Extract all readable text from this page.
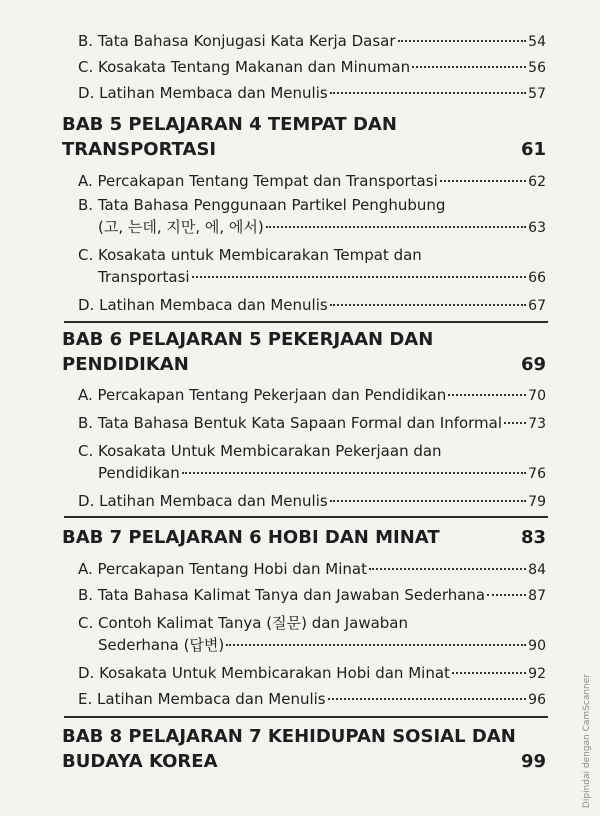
B. Tata Bahasa Konjugasi Kata Kerja Dasar	54
C. Kosakata Tentang Makanan dan Minuman	56
D. Latihan Membaca dan Menulis	57
BAB 5 PELAJARAN 4 TEMPAT DAN
TRANSPORTASI	61
A. Percakapan Tentang Tempat dan Transportasi	62
B. Tata Bahasa Penggunaan Partikel Penghubung
(고, 는데, 지만, 에, 에서)	63
C. Kosakata untuk Membicarakan Tempat dan
Transportasi	66
D. Latihan Membaca dan Menulis	67
BAB 6 PELAJARAN 5 PEKERJAAN DAN
PENDIDIKAN	69
A. Percakapan Tentang Pekerjaan dan Pendidikan	70
B. Tata Bahasa Bentuk Kata Sapaan Formal dan Informal 73
C. Kosakata Untuk Membicarakan Pekerjaan dan
Pendidikan	76
D. Latihan Membaca dan Menulis	79
BAB 7 PELAJARAN 6 HOBI DAN MINAT	83
A. Percakapan Tentang Hobi dan Minat	84
B. Tata Bahasa Kalimat Tanya dan Jawaban Sederhana	87
C. Contoh Kalimat Tanya (질문) dan Jawaban
Sederhana (답변)	90
D. Kosakata Untuk Membicarakan Hobi dan Minat	92
E. Latihan Membaca dan Menulis	96
BAB 8 PELAJARAN 7 KEHIDUPAN SOSIAL DAN
BUDAYA KOREA	99	Dipindai dengan CamScanner
